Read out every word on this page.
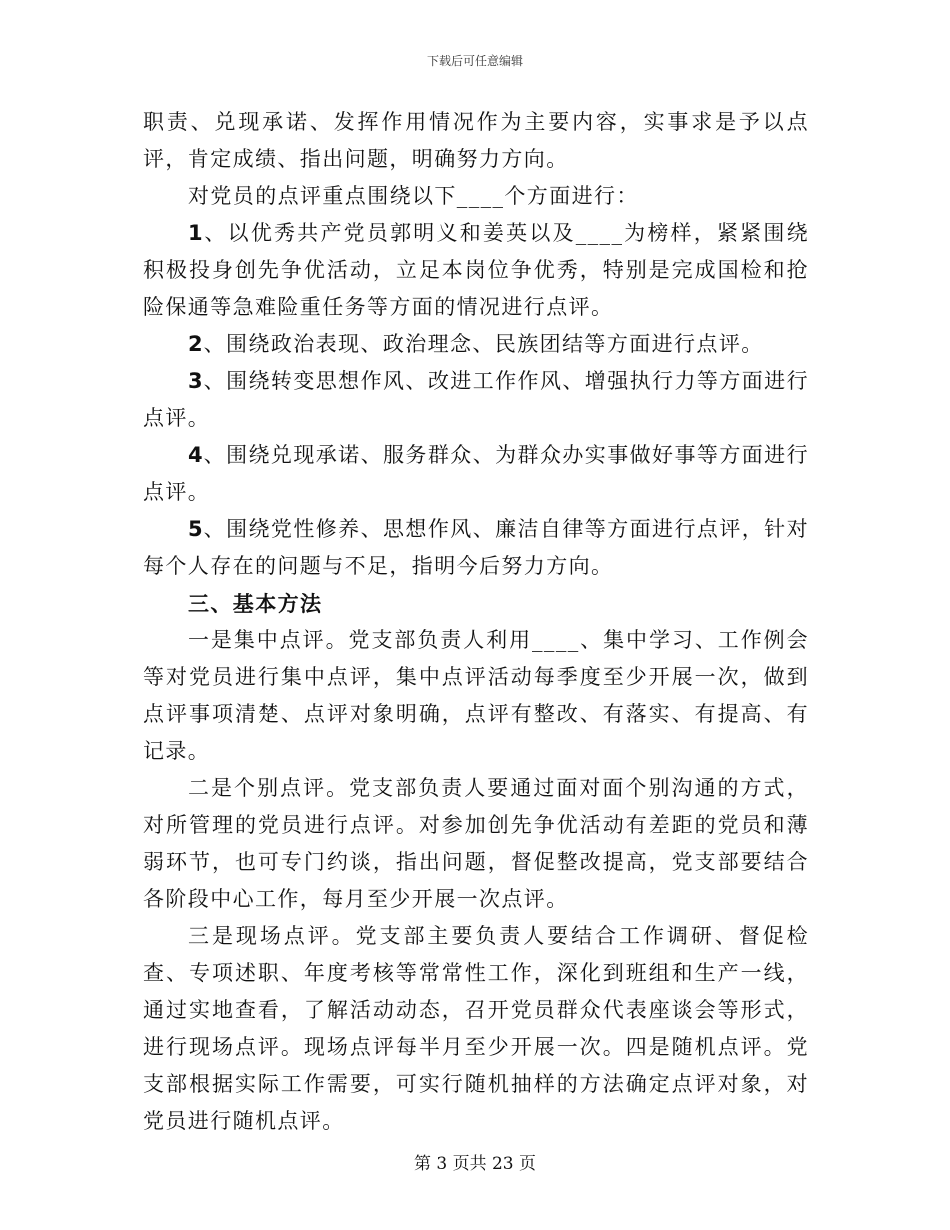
下载后可任意编辑

职责、兑现承诺、发挥作用情况作为主要内容，实事求是予以点评，肯定成绩、指出问题，明确努力方向。

对党员的点评重点围绕以下____个方面进行：

1、以优秀共产党员郭明义和姜英以及____为榜样，紧紧围绕积极投身创先争优活动，立足本岗位争优秀，特别是完成国检和抢险保通等急难险重任务等方面的情况进行点评。

2、围绕政治表现、政治理念、民族团结等方面进行点评。

3、围绕转变思想作风、改进工作作风、增强执行力等方面进行点评。

4、围绕兑现承诺、服务群众、为群众办实事做好事等方面进行点评。

5、围绕党性修养、思想作风、廉洁自律等方面进行点评，针对每个人存在的问题与不足，指明今后努力方向。

三、基本方法

一是集中点评。党支部负责人利用____、集中学习、工作例会等对党员进行集中点评，集中点评活动每季度至少开展一次，做到点评事项清楚、点评对象明确，点评有整改、有落实、有提高、有记录。

二是个别点评。党支部负责人要通过面对面个别沟通的方式，对所管理的党员进行点评。对参加创先争优活动有差距的党员和薄弱环节，也可专门约谈，指出问题，督促整改提高，党支部要结合各阶段中心工作，每月至少开展一次点评。

三是现场点评。党支部主要负责人要结合工作调研、督促检查、专项述职、年度考核等常常性工作，深化到班组和生产一线，通过实地查看，了解活动动态，召开党员群众代表座谈会等形式，进行现场点评。现场点评每半月至少开展一次。四是随机点评。党支部根据实际工作需要，可实行随机抽样的方法确定点评对象，对党员进行随机点评。

第 3 页共 23 页
